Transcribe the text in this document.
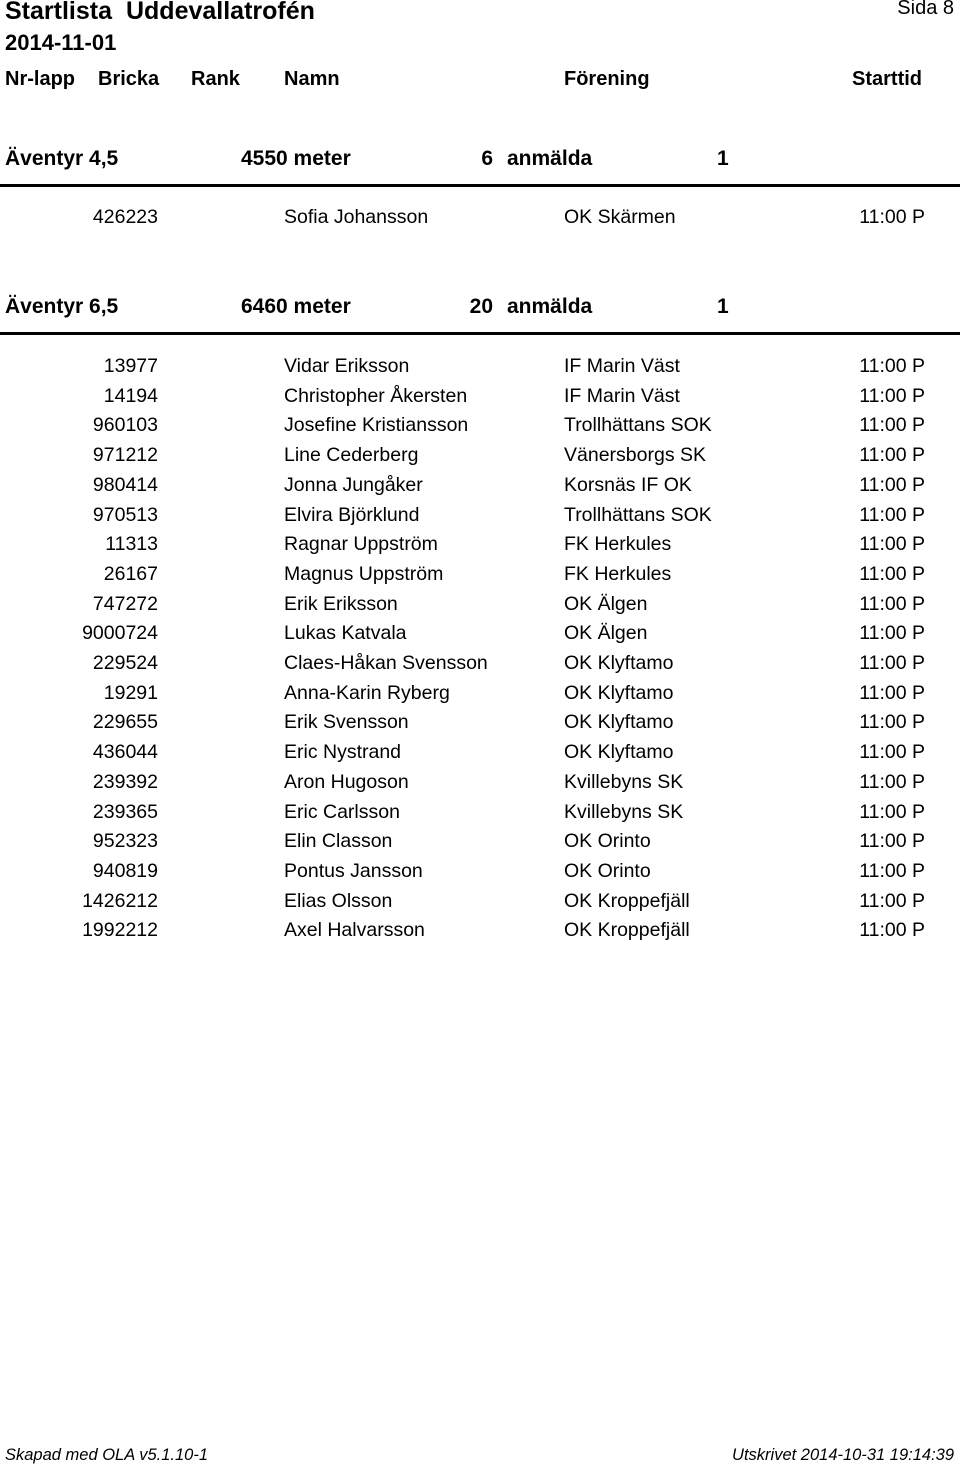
Startlista Uddevallatrofén	Sida 8
2014-11-01
Nr-lapp Bricka Rank Namn	Förening	Starttid
Äventyr 4,5	4550 meter	6 anmälda	1
426223	Sofia Johansson	OK Skärmen	11:00 P
Äventyr 6,5	6460 meter	20 anmälda	1
13977	Vidar Eriksson	IF Marin Väst	11:00 P
14194	Christopher Åkersten	IF Marin Väst	11:00 P
960103	Josefine Kristiansson	Trollhättans SOK	11:00 P
971212	Line Cederberg	Vänersborgs SK	11:00 P
980414	Jonna Jungåker	Korsnäs IF OK	11:00 P
970513	Elvira Björklund	Trollhättans SOK	11:00 P
11313	Ragnar Uppström	FK Herkules	11:00 P
26167	Magnus Uppström	FK Herkules	11:00 P
747272	Erik Eriksson	OK Älgen	11:00 P
9000724	Lukas Katvala	OK Älgen	11:00 P
229524	Claes-Håkan Svensson	OK Klyftamo	11:00 P
19291	Anna-Karin Ryberg	OK Klyftamo	11:00 P
229655	Erik Svensson	OK Klyftamo	11:00 P
436044	Eric Nystrand	OK Klyftamo	11:00 P
239392	Aron Hugoson	Kvillebyns SK	11:00 P
239365	Eric Carlsson	Kvillebyns SK	11:00 P
952323	Elin Classon	OK Orinto	11:00 P
940819	Pontus Jansson	OK Orinto	11:00 P
1426212	Elias Olsson	OK Kroppefjäll	11:00 P
1992212	Axel Halvarsson	OK Kroppefjäll	11:00 P
Skapad med OLA v5.1.10-1	Utskrivet 2014-10-31 19:14:39
